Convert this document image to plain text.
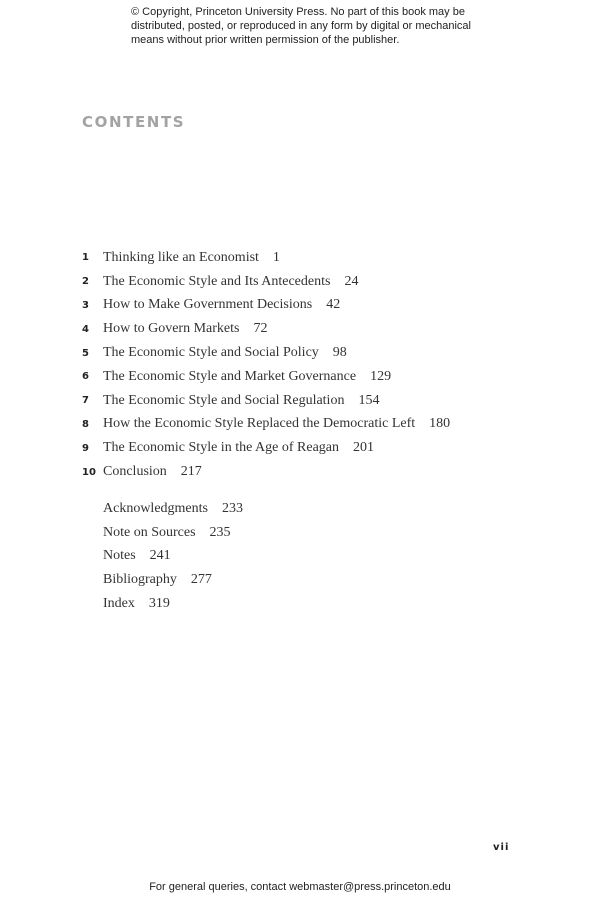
© Copyright, Princeton University Press. No part of this book may be distributed, posted, or reproduced in any form by digital or mechanical means without prior written permission of the publisher.
CONTENTS
1	Thinking like an Economist 1
2	The Economic Style and Its Antecedents 24
3	How to Make Government Decisions 42
4	How to Govern Markets 72
5	The Economic Style and Social Policy 98
6	The Economic Style and Market Governance 129
7	The Economic Style and Social Regulation 154
8	How the Economic Style Replaced the Democratic Left 180
9	The Economic Style in the Age of Reagan 201
10 Conclusion 217
Acknowledgments 233
Note on Sources 235
Notes 241
Bibliography 277
Index 319
vii
For general queries, contact webmaster@press.princeton.edu
